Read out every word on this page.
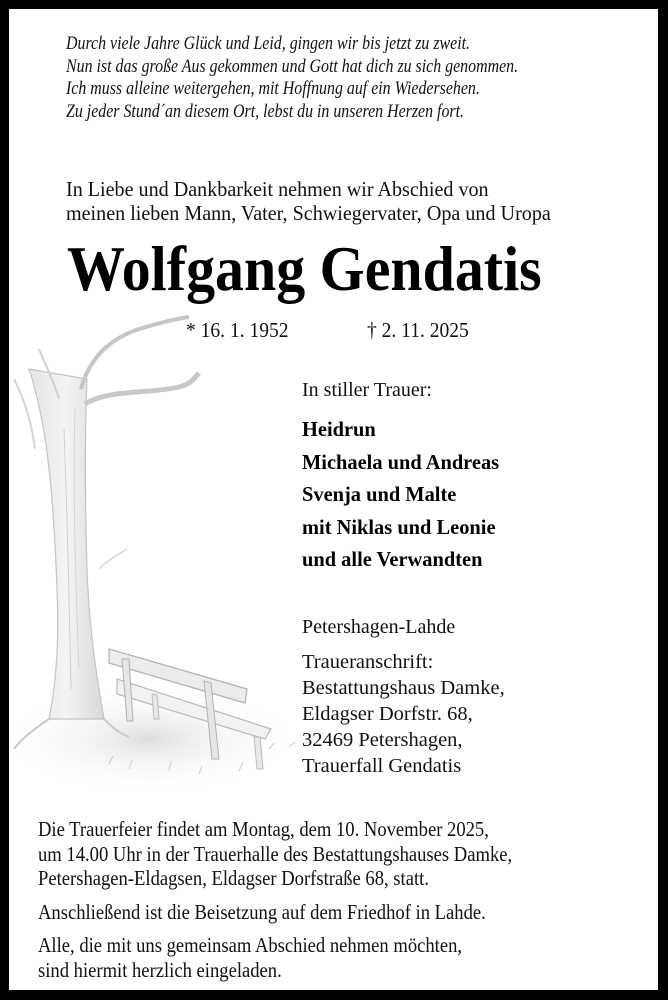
Durch viele Jahre Glück und Leid, gingen wir bis jetzt zu zweit.
Nun ist das große Aus gekommen und Gott hat dich zu sich genommen.
Ich muss alleine weitergehen, mit Hoffnung auf ein Wiedersehen.
Zu jeder Stund´an diesem Ort, lebst du in unseren Herzen fort.
In Liebe und Dankbarkeit nehmen wir Abschied von
meinen lieben Mann, Vater, Schwiegervater, Opa und Uropa
Wolfgang Gendatis
* 16. 1. 1952	† 2. 11. 2025
In stiller Trauer:
Heidrun
Michaela und Andreas
Svenja und Malte
mit Niklas und Leonie
und alle Verwandten
Petershagen-Lahde
Traueranschrift:
Bestattungshaus Damke,
Eldagser Dorfstr. 68,
32469 Petershagen,
Trauerfall Gendatis
Die Trauerfeier findet am Montag, dem 10. November 2025,
um 14.00 Uhr in der Trauerhalle des Bestattungshauses Damke,
Petershagen-Eldagsen, Eldagser Dorfstraße 68, statt.
Anschließend ist die Beisetzung auf dem Friedhof in Lahde.
Alle, die mit uns gemeinsam Abschied nehmen möchten,
sind hiermit herzlich eingeladen.
